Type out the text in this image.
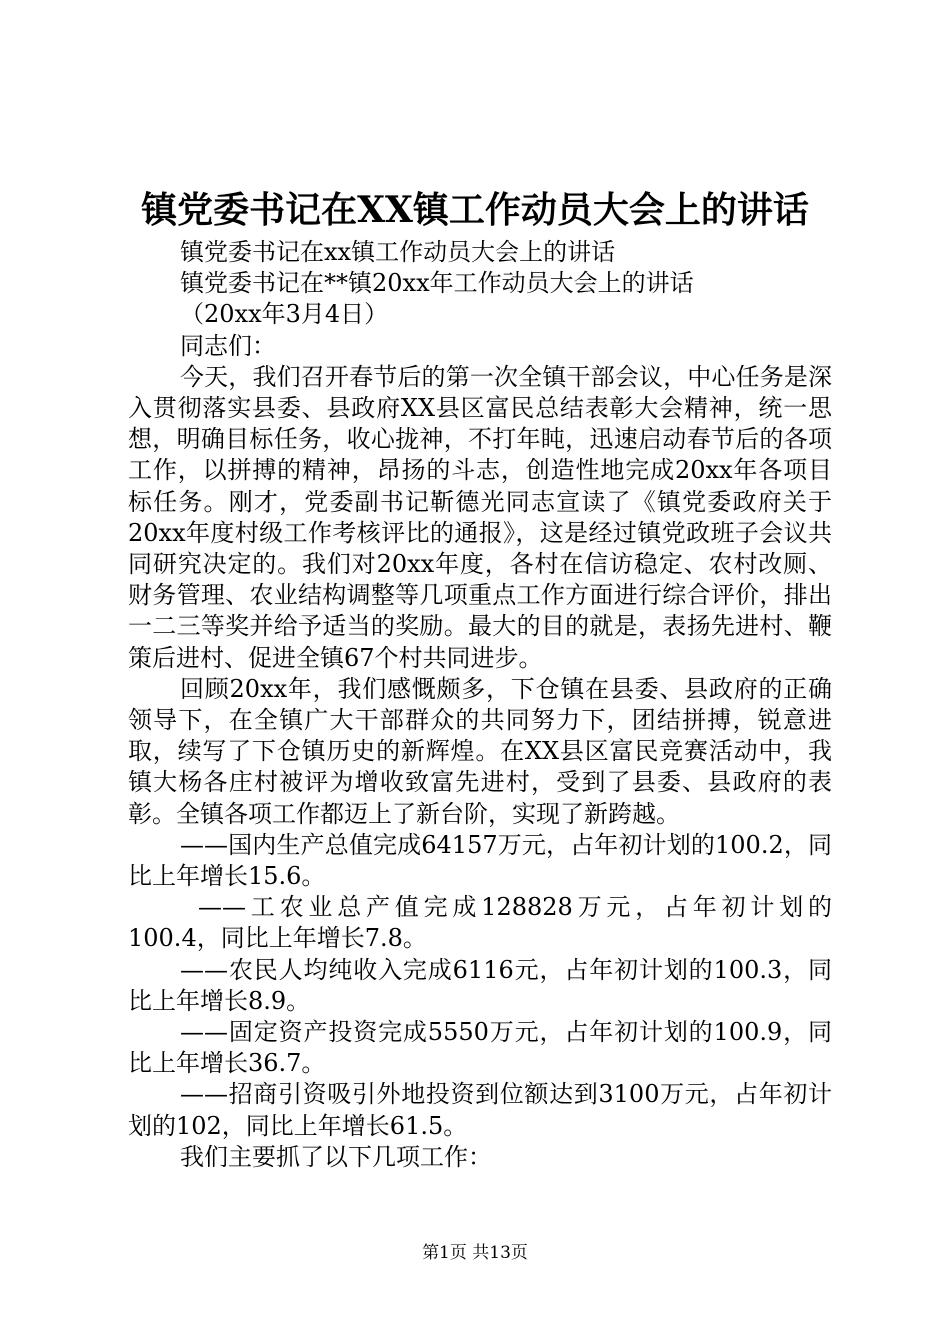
镇党委书记在XX镇工作动员大会上的讲话

镇党委书记在xx镇工作动员大会上的讲话

镇党委书记在**镇20xx年工作动员大会上的讲话

（20xx年3月4日）

同志们：

今天，我们召开春节后的第一次全镇干部会议，中心任务是深入贯彻落实县委、县政府XX县区富民总结表彰大会精神，统一思想，明确目标任务，收心拢神，不打年盹，迅速启动春节后的各项工作，以拼搏的精神，昂扬的斗志，创造性地完成20xx年各项目标任务。刚才，党委副书记靳德光同志宣读了《镇党委政府关于20xx年度村级工作考核评比的通报》，这是经过镇党政班子会议共同研究决定的。我们对20xx年度，各村在信访稳定、农村改厕、财务管理、农业结构调整等几项重点工作方面进行综合评价，排出一二三等奖并给予适当的奖励。最大的目的就是，表扬先进村、鞭策后进村、促进全镇67个村共同进步。

回顾20xx年，我们感慨颇多，下仓镇在县委、县政府的正确领导下，在全镇广大干部群众的共同努力下，团结拼搏，锐意进取，续写了下仓镇历史的新辉煌。在XX县区富民竞赛活动中，我镇大杨各庄村被评为增收致富先进村，受到了县委、县政府的表彰。全镇各项工作都迈上了新台阶，实现了新跨越。

——国内生产总值完成64157万元，占年初计划的100.2，同比上年增长15.6。

——工农业总产值完成128828万元，占年初计划的100.4，同比上年增长7.8。

——农民人均纯收入完成6116元，占年初计划的100.3，同比上年增长8.9。

——固定资产投资完成5550万元，占年初计划的100.9，同比上年增长36.7。

——招商引资吸引外地投资到位额达到3100万元，占年初计划的102，同比上年增长61.5。

我们主要抓了以下几项工作：

第1页 共13页
